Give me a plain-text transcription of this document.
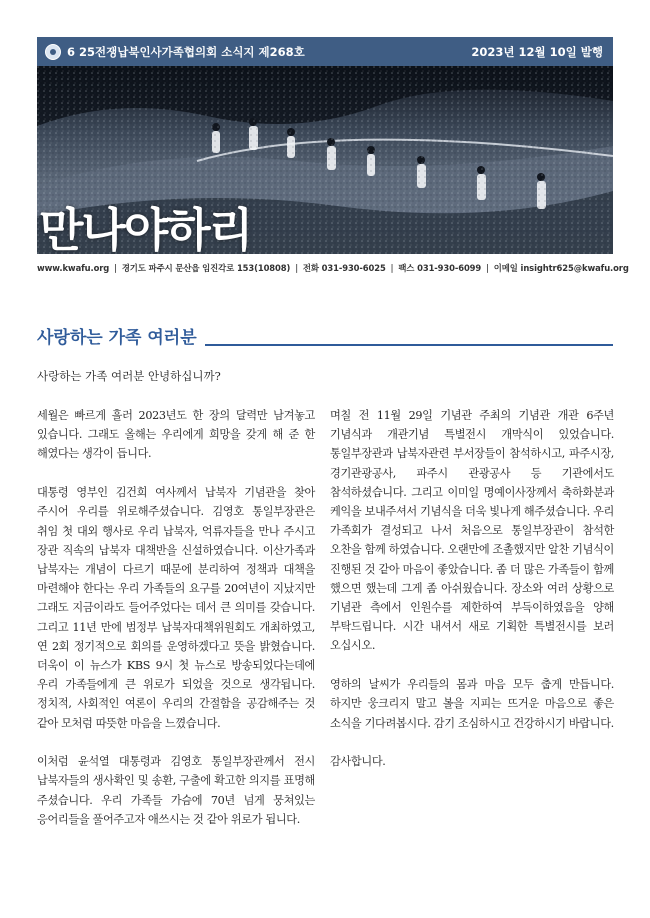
6 25전쟁납북인사가족협의회 소식지 제268호	2023년 12월 10일 발행
만나야하리
www.kwafu.org | 경기도 파주시 문산읍 임진각로 153(10808) | 전화 031-930-6025 | 팩스 031-930-6099 | 이메일 insightr625@kwafu.org
사랑하는 가족 여러분
사랑하는 가족 여러분 안녕하십니까?

세월은 빠르게 흘러 2023년도 한 장의 달력만 남겨놓고 있습니다. 그래도 올해는 우리에게 희망을 갖게 해 준 한 해였다는 생각이 듭니다.

대통령 영부인 김건희 여사께서 납북자 기념관을 찾아 주시어 우리를 위로해주셨습니다. 김영호 통일부장관은 취임 첫 대외 행사로 우리 납북자, 억류자들을 만나 주시고 장관 직속의 납북자 대책반을 신설하였습니다. 이산가족과 납북자는 개념이 다르기 때문에 분리하여 정책과 대책을 마련해야 한다는 우리 가족들의 요구를 20여년이 지났지만 그래도 지금이라도 들어주었다는 데서 큰 의미를 갖습니다. 그리고 11년 만에 범정부 납북자대책위원회도 개최하였고, 연 2회 정기적으로 회의를 운영하겠다고 뜻을 밝혔습니다. 더욱이 이 뉴스가 KBS 9시 첫 뉴스로 방송되었다는데에 우리 가족들에게 큰 위로가 되었을 것으로 생각됩니다. 정치적, 사회적인 여론이 우리의 간절함을 공감해주는 것 같아 모처럼 따뜻한 마음을 느꼈습니다.

이처럼 윤석열 대통령과 김영호 통일부장관께서 전시 납북자들의 생사확인 및 송환, 구출에 확고한 의지를 표명해 주셨습니다. 우리 가족들 가슴에 70년 넘게 뭉쳐있는 응어리들을 풀어주고자 애쓰시는 것 같아 위로가 됩니다.

며칠 전 11월 29일 기념관 주최의 기념관 개관 6주년 기념식과 개관기념 특별전시 개막식이 있었습니다. 통일부장관과 납북자관련 부서장들이 참석하시고, 파주시장, 경기관광공사, 파주시 관광공사 등 기관에서도 참석하셨습니다. 그리고 이미일 명예이사장께서 축하화분과 케익을 보내주셔서 기념식을 더욱 빛나게 해주셨습니다. 우리 가족회가 결성되고 나서 처음으로 통일부장관이 참석한 오찬을 함께 하였습니다. 오랜만에 조촐했지만 알찬 기념식이 진행된 것 같아 마음이 좋았습니다. 좀 더 많은 가족들이 함께 했으면 했는데 그게 좀 아쉬웠습니다. 장소와 여러 상황으로 기념관 측에서 인원수를 제한하여 부득이하였음을 양해 부탁드립니다. 시간 내셔서 새로 기획한 특별전시를 보러 오십시오.

영하의 날씨가 우리들의 몸과 마음 모두 춥게 만듭니다. 하지만 웅크리지 말고 볼을 지피는 뜨거운 마음으로 좋은 소식을 기다려봅시다. 감기 조심하시고 건강하시기 바랍니다.

감사합니다.
